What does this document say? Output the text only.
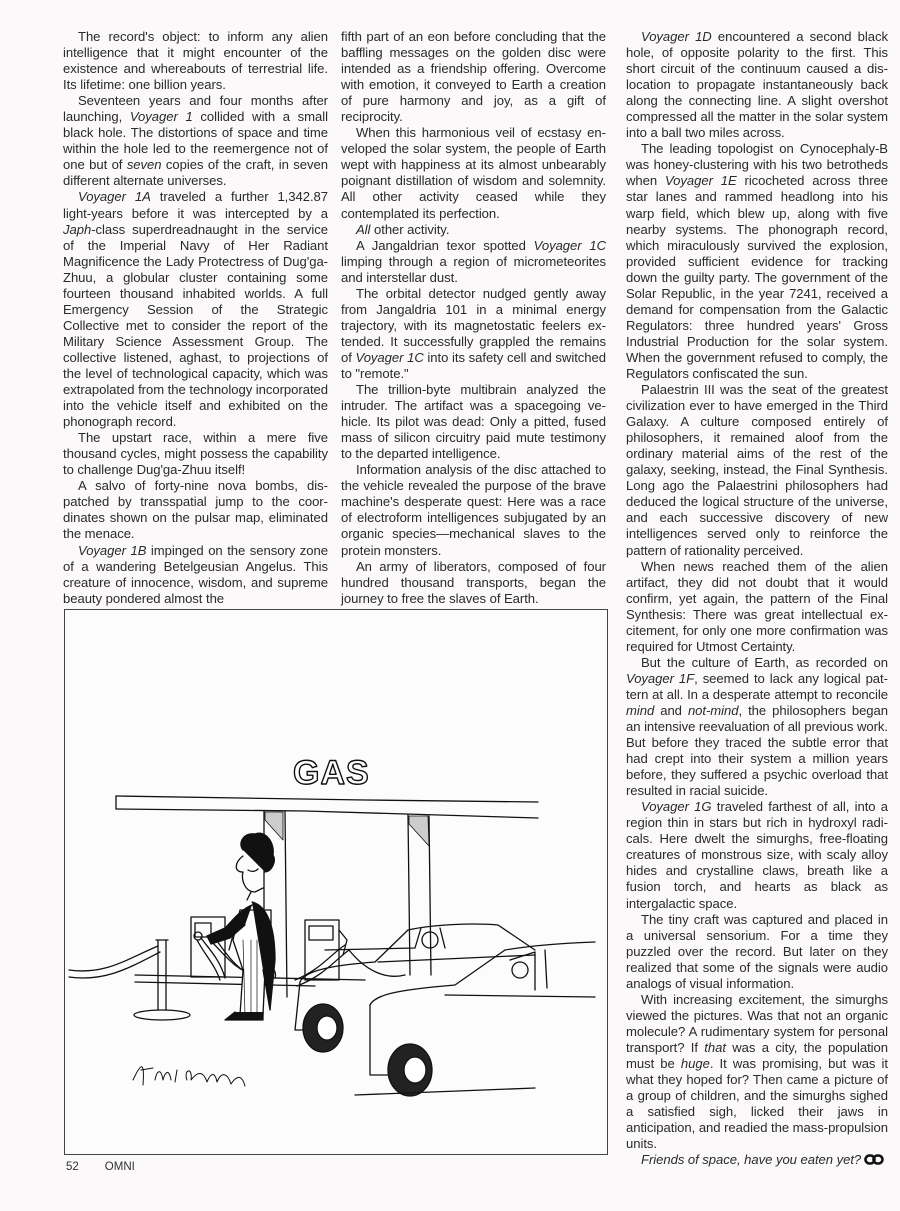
The record's object: to inform any alien intelligence that it might encounter of the existence and whereabouts of terrestrial life. Its lifetime: one billion years.

Seventeen years and four months after launching, Voyager 1 collided with a small black hole. The distortions of space and time within the hole led to the reemergence not of one but of seven copies of the craft, in seven different alternate universes.

Voyager 1A traveled a further 1,342.87 light-years before it was intercepted by a Japh-class superdreadnaught in the service of the Imperial Navy of Her Radiant Magnificence the Lady Protectress of Dug'ga-Zhuu, a globular cluster containing some fourteen thousand inhabited worlds. A full Emergency Session of the Strategic Collective met to consider the report of the Military Science Assessment Group. The collective listened, aghast, to projections of the level of technological capacity, which was extrapolated from the technology incorporated into the vehicle itself and exhibited on the phonograph record.

The upstart race, within a mere five thousand cycles, might possess the capability to challenge Dug'ga-Zhuu itself!

A salvo of forty-nine nova bombs, dispatched by transspatial jump to the coordinates shown on the pulsar map, eliminated the menace.

Voyager 1B impinged on the sensory zone of a wandering Betelgeusian Angelus. This creature of innocence, wisdom, and supreme beauty pondered almost the

fifth part of an eon before concluding that the baffling messages on the golden disc were intended as a friendship offering. Overcome with emotion, it conveyed to Earth a creation of pure harmony and joy, as a gift of reciprocity.

When this harmonious veil of ecstasy enveloped the solar system, the people of Earth wept with happiness at its almost unbearably poignant distillation of wisdom and solemnity. All other activity ceased while they contemplated its perfection.

All other activity.

A Jangaldrian texor spotted Voyager 1C limping through a region of micrometeorites and interstellar dust.

The orbital detector nudged gently away from Jangaldria 101 in a minimal energy trajectory, with its magnetostatic feelers extended. It successfully grappled the remains of Voyager 1C into its safety cell and switched to "remote."

The trillion-byte multibrain analyzed the intruder. The artifact was a spacegoing vehicle. Its pilot was dead: Only a pitted, fused mass of silicon circuitry paid mute testimony to the departed intelligence.

Information analysis of the disc attached to the vehicle revealed the purpose of the brave machine's desperate quest: Here was a race of electroform intelligences subjugated by an organic species—mechanical slaves to the protein monsters.

An army of liberators, composed of four hundred thousand transports, began the journey to free the slaves of Earth.

Voyager 1D encountered a second black hole, of opposite polarity to the first. This short circuit of the continuum caused a dislocation to propagate instantaneously back along the connecting line. A slight overshot compressed all the matter in the solar system into a ball two miles across.

The leading topologist on Cynocephaly-B was honey-clustering with his two betrotheds when Voyager 1E ricocheted across three star lanes and rammed headlong into his warp field, which blew up, along with five nearby systems. The phonograph record, which miraculously survived the explosion, provided sufficient evidence for tracking down the guilty party. The government of the Solar Republic, in the year 7241, received a demand for compensation from the Galactic Regulators: three hundred years' Gross Industrial Production for the solar system. When the government refused to comply, the Regulators confiscated the sun.

Palaestrin III was the seat of the greatest civilization ever to have emerged in the Third Galaxy. A culture composed entirely of philosophers, it remained aloof from the ordinary material aims of the rest of the galaxy, seeking, instead, the Final Synthesis. Long ago the Palaestrini philosophers had deduced the logical structure of the universe, and each successive discovery of new intelligences served only to reinforce the pattern of rationality perceived.

When news reached them of the alien artifact, they did not doubt that it would confirm, yet again, the pattern of the Final Synthesis: There was great intellectual excitement, for only one more confirmation was required for Utmost Certainty.

But the culture of Earth, as recorded on Voyager 1F, seemed to lack any logical pattern at all. In a desperate attempt to reconcile mind and not-mind, the philosophers began an intensive reevaluation of all previous work. But before they traced the subtle error that had crept into their system a million years before, they suffered a psychic overload that resulted in racial suicide.

Voyager 1G traveled farthest of all, into a region thin in stars but rich in hydroxyl radicals. Here dwelt the simurghs, free-floating creatures of monstrous size, with scaly alloy hides and crystalline claws, breath like a fusion torch, and hearts as black as intergalactic space.

The tiny craft was captured and placed in a universal sensorium. For a time they puzzled over the record. But later on they realized that some of the signals were audio analogs of visual information.

With increasing excitement, the simurghs viewed the pictures. Was that not an organic molecule? A rudimentary system for personal transport? If that was a city, the population must be huge. It was promising, but was it what they hoped for? Then came a picture of a group of children, and the simurghs sighed a satisfied sigh, licked their jaws in anticipation, and readied the mass-propulsion units.

Friends of space, have you eaten yet?

GAS
52 OMNI
